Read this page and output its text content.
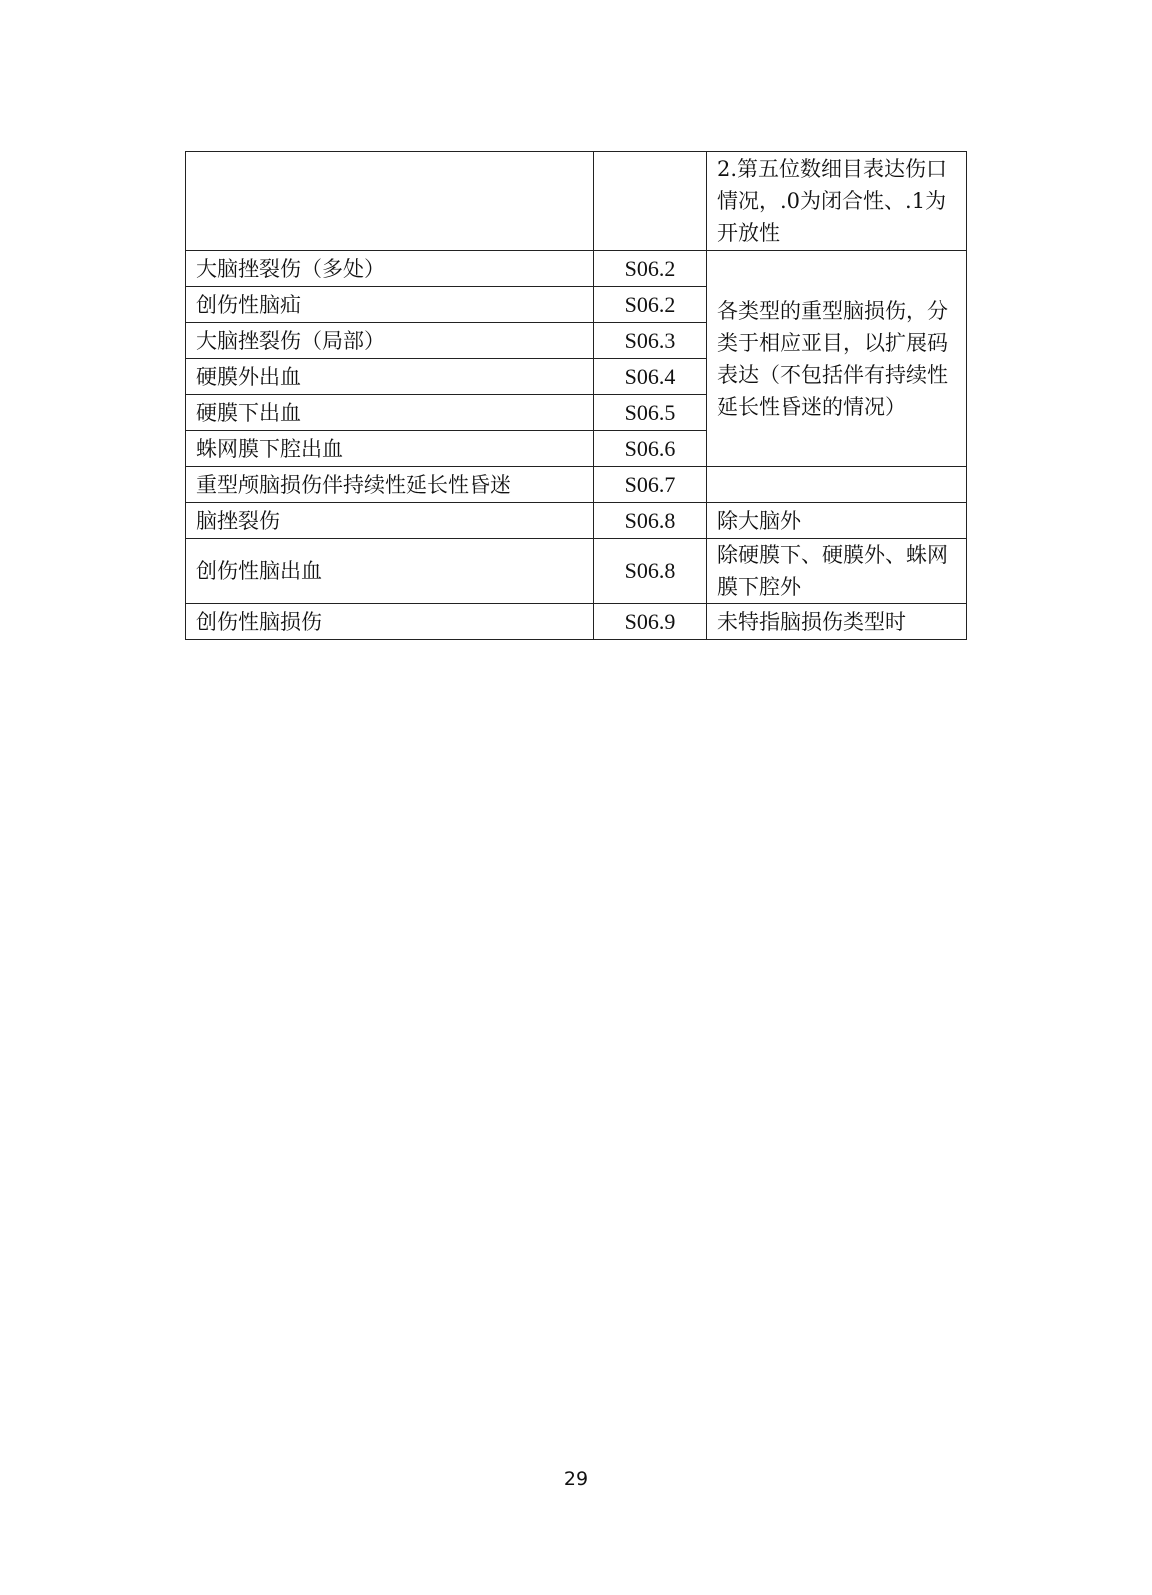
		2.第五位数细目表达伤口情况，.0为闭合性、.1为开放性
大脑挫裂伤（多处）	S06.2	各类型的重型脑损伤，分类于相应亚目，以扩展码表达（不包括伴有持续性延长性昏迷的情况）
创伤性脑疝	S06.2	
大脑挫裂伤（局部）	S06.3	
硬膜外出血	S06.4	
硬膜下出血	S06.5	
蛛网膜下腔出血	S06.6	
重型颅脑损伤伴持续性延长性昏迷	S06.7	
脑挫裂伤	S06.8	除大脑外
创伤性脑出血	S06.8	除硬膜下、硬膜外、蛛网膜下腔外
创伤性脑损伤	S06.9	未特指脑损伤类型时
29
